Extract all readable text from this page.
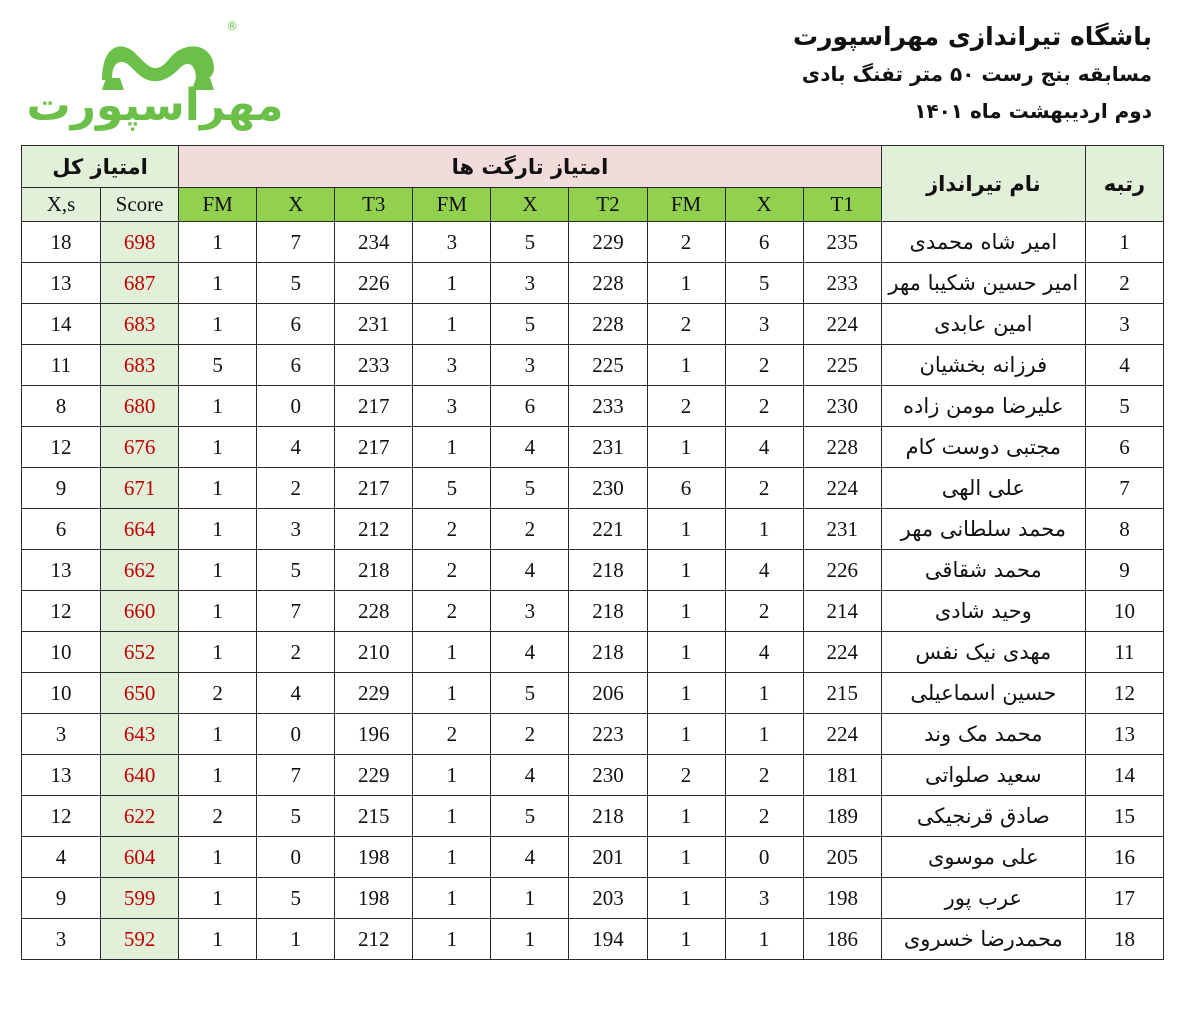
®
مهراسپورت
باشگاه تیراندازی مهراسپورت
مسابقه بنج رست ۵۰ متر تفنگ بادی
دوم اردیبهشت ماه ۱۴۰۱
امتیاز کل		امتیاز تارگت ها									نام تیرانداز	رتبه
X,s	Score	FM	X	T3	FM	X	T2	FM	X	T1		
18	698	1	7	234	3	5	229	2	6	235	امیر شاه محمدی	1
13	687	1	5	226	1	3	228	1	5	233	امیر حسین شکیبا مهر	2
14	683	1	6	231	1	5	228	2	3	224	امین عابدی	3
11	683	5	6	233	3	3	225	1	2	225	فرزانه بخشیان	4
8	680	1	0	217	3	6	233	2	2	230	علیرضا مومن زاده	5
12	676	1	4	217	1	4	231	1	4	228	مجتبی دوست کام	6
9	671	1	2	217	5	5	230	6	2	224	علی الهی	7
6	664	1	3	212	2	2	221	1	1	231	محمد سلطانی مهر	8
13	662	1	5	218	2	4	218	1	4	226	محمد شقاقی	9
12	660	1	7	228	2	3	218	1	2	214	وحید شادی	10
10	652	1	2	210	1	4	218	1	4	224	مهدی نیک نفس	11
10	650	2	4	229	1	5	206	1	1	215	حسین اسماعیلی	12
3	643	1	0	196	2	2	223	1	1	224	محمد مک وند	13
13	640	1	7	229	1	4	230	2	2	181	سعید صلواتی	14
12	622	2	5	215	1	5	218	1	2	189	صادق قرنجیکی	15
4	604	1	0	198	1	4	201	1	0	205	علی موسوی	16
9	599	1	5	198	1	1	203	1	3	198	عرب پور	17
3	592	1	1	212	1	1	194	1	1	186	محمدرضا خسروی	18
